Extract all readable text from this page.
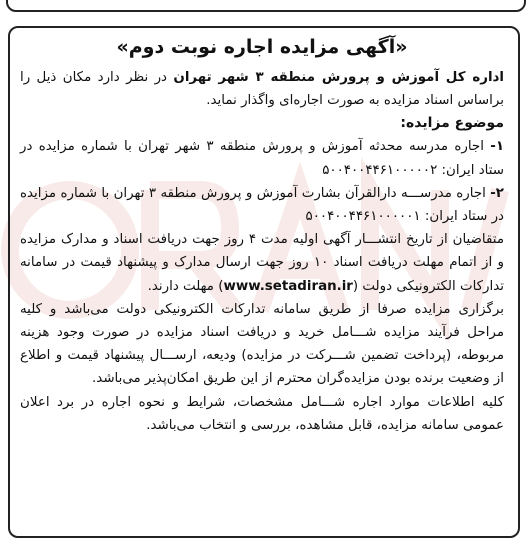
«آگهی مزایده اجاره نوبت دوم»

اداره کل آموزش و پرورش منطقه ۳ شهر تهران در نظر دارد مکان ذیل را براساس اسناد مزایده به صورت اجاره‌ای واگذار نماید.

موضوع مزایده:

۱- اجاره مدرسه محدثه آموزش و پرورش منطقه ۳ شهر تهران با شماره مزایده در ستاد ایران: ۵۰۰۴۰۰۴۴۶۱۰۰۰۰۰۲

۲- اجاره مدرســـه دارالقرآن بشارت آموزش و پرورش منطقه ۳ تهران با شماره مزایده در ستاد ایران: ۵۰۰۴۰۰۴۴۶۱۰۰۰۰۰۱

متقاضیان از تاریخ انتشـــار آگهی اولیه مدت ۴ روز جهت دریافت اسناد و مدارک مزایده و از اتمام مهلت دریافت اسناد ۱۰ روز جهت ارسال مدارک و پیشنهاد قیمت در سامانه تدارکات الکترونیکی دولت (www.setadiran.ir) مهلت دارند.

برگزاری مزایده صرفا از طریق سامانه تدارکات الکترونیکی دولت می‌باشد و کلیه مراحل فرآیند مزایده شـــامل خرید و دریافت اسناد مزایده در صورت وجود هزینه مربوطه، (پرداخت تضمین شـــرکت در مزایده) ودیعه، ارســـال پیشنهاد قیمت و اطلاع از وضعیت برنده بودن مزایده‌گران محترم از این طریق امکان‌پذیر می‌باشد.

کلیه اطلاعات موارد اجاره شـــامل مشخصات، شرایط و نحوه اجاره در برد اعلان عمومی سامانه مزایده، قابل مشاهده، بررسی و انتخاب می‌باشد.
